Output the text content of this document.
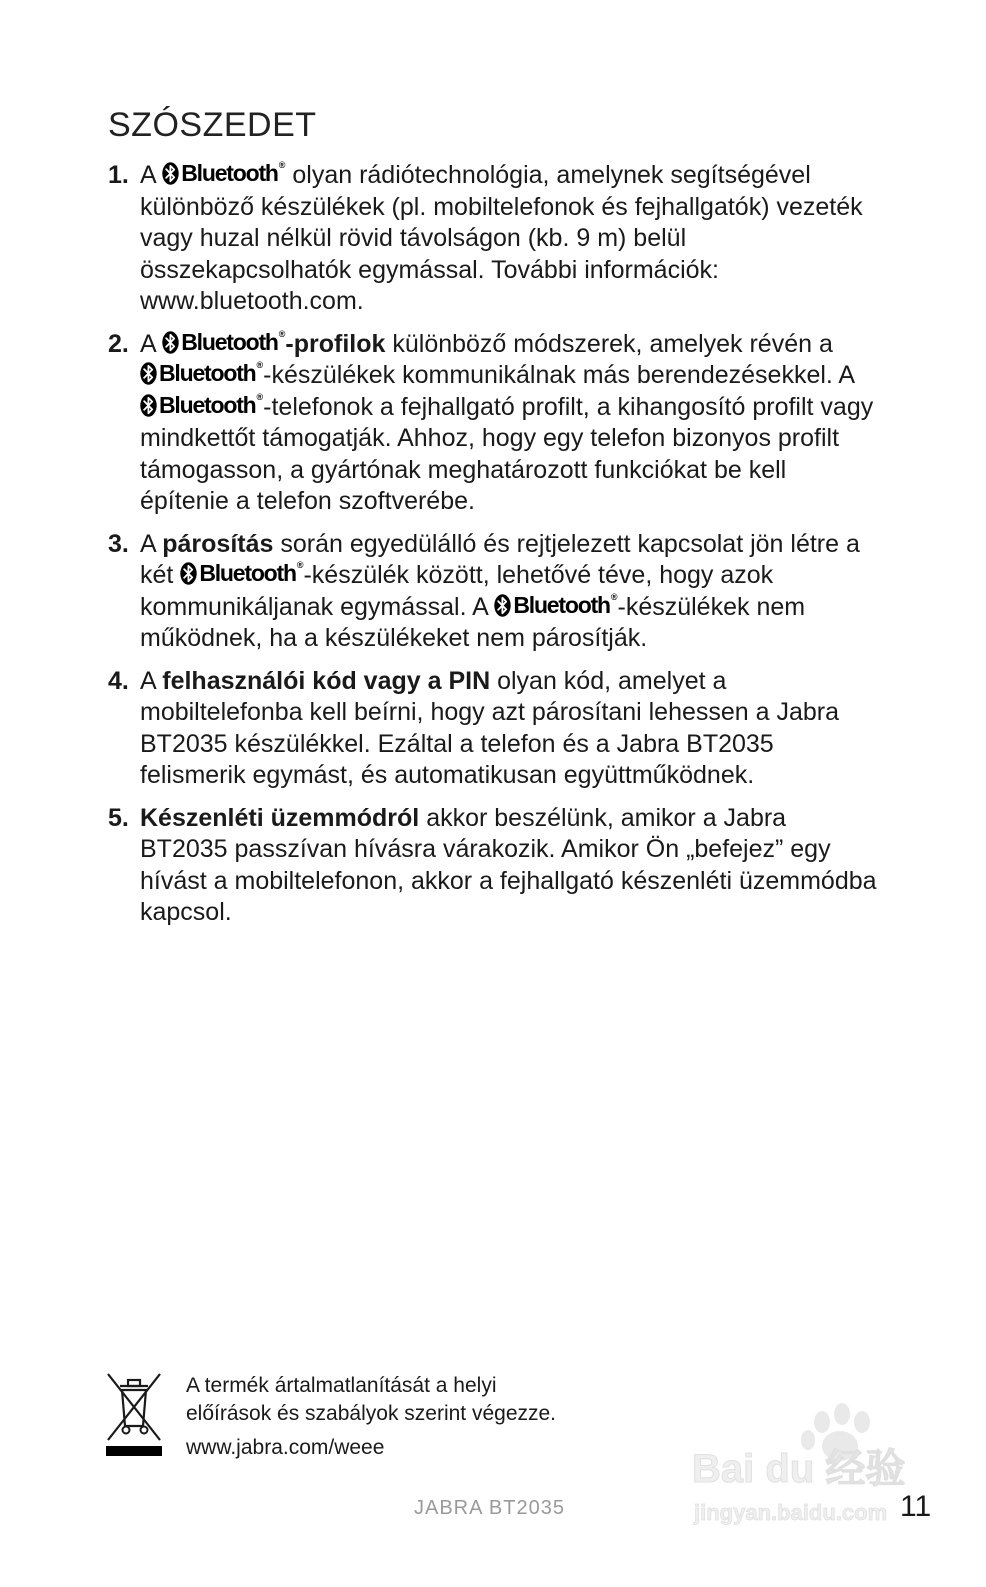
SZÓSZEDET
1. A Bluetooth® olyan rádiótechnológia, amelynek segítségével különböző készülékek (pl. mobiltelefonok és fejhallgatók) vezeték vagy huzal nélkül rövid távolságon (kb. 9 m) belül összekapcsolhatók egymással. További információk: www.bluetooth.com.
2. A Bluetooth® -profilok különböző módszerek, amelyek révén a
Bluetooth® -készülékek kommunikálnak más berendezésekkel. A
Bluetooth® -telefonok a fejhallgató profilt, a kihangosító profilt vagy mindkettőt támogatják. Ahhoz, hogy egy telefon bizonyos profilt támogasson, a gyártónak meghatározott funkciókat be kell építenie a telefon szoftverébe.
3. A párosítás során egyedülálló és rejtjelezett kapcsolat jön létre a két Bluetooth® -készülék között, lehetővé téve, hogy azok kommunikáljanak egymással. A Bluetooth® -készülékek nem működnek, ha a készülékeket nem párosítják.
4. A felhasználói kód vagy a PIN olyan kód, amelyet a mobiltelefonba kell beírni, hogy azt párosítani lehessen a Jabra BT2035 készülékkel. Ezáltal a telefon és a Jabra BT2035 felismerik egymást, és automatikusan együttműködnek.
5. Készenléti üzemmódról akkor beszélünk, amikor a Jabra BT2035 passzívan hívásra várakozik. Amikor Ön „befejez” egy hívást a mobiltelefonon, akkor a fejhallgató készenléti üzemmódba kapcsol.
A termék ártalmatlanítását a helyi
előírások és szabályok szerint végezze.
www.jabra.com/weee
JABRA BT2035
Bai du 经验
jingyan.baidu.com 11
